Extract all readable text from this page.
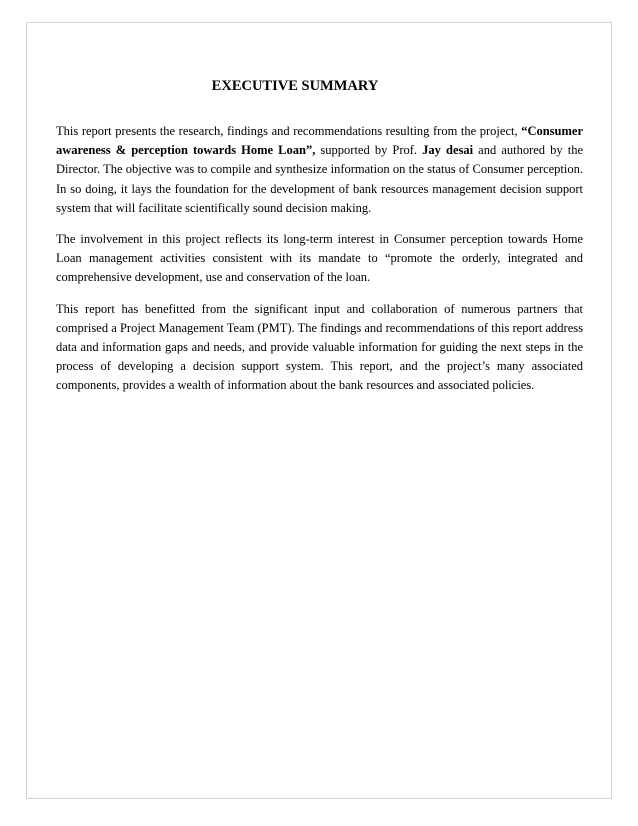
EXECUTIVE SUMMARY

This report presents the research, findings and recommendations resulting from the project, “Consumer awareness & perception towards Home Loan”, supported by Prof. Jay desai and authored by the Director. The objective was to compile and synthesize information on the status of Consumer perception. In so doing, it lays the foundation for the development of bank resources management decision support system that will facilitate scientifically sound decision making.

The involvement in this project reflects its long-term interest in Consumer perception towards Home Loan management activities consistent with its mandate to “promote the orderly, integrated and comprehensive development, use and conservation of the loan.

This report has benefitted from the significant input and collaboration of numerous partners that comprised a Project Management Team (PMT). The findings and recommendations of this report address data and information gaps and needs, and provide valuable information for guiding the next steps in the process of developing a decision support system. This report, and the project’s many associated components, provides a wealth of information about the bank resources and associated policies.
